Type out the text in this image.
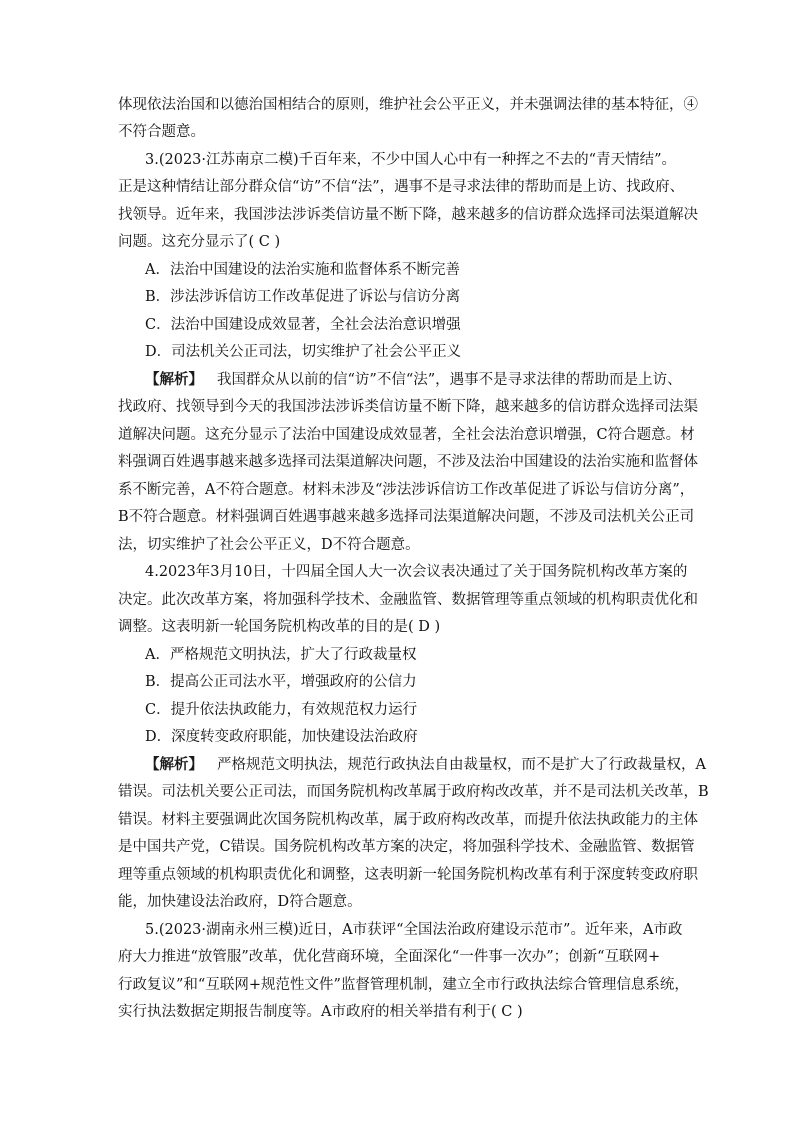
体现依法治国和以德治国相结合的原则，维护社会公平正义，并未强调法律的基本特征，④
不符合题意。
3.(2023·江苏南京二模)千百年来，不少中国人心中有一种挥之不去的“青天情结”。
正是这种情结让部分群众信“访”不信“法”，遇事不是寻求法律的帮助而是上访、找政府、
找领导。近年来，我国涉法涉诉类信访量不断下降，越来越多的信访群众选择司法渠道解决
问题。这充分显示了( C )
A．法治中国建设的法治实施和监督体系不断完善
B．涉法涉诉信访工作改革促进了诉讼与信访分离
C．法治中国建设成效显著，全社会法治意识增强
D．司法机关公正司法，切实维护了社会公平正义
【解析】 我国群众从以前的信“访”不信“法”，遇事不是寻求法律的帮助而是上访、
找政府、找领导到今天的我国涉法涉诉类信访量不断下降，越来越多的信访群众选择司法渠
道解决问题。这充分显示了法治中国建设成效显著，全社会法治意识增强，C符合题意。材
料强调百姓遇事越来越多选择司法渠道解决问题，不涉及法治中国建设的法治实施和监督体
系不断完善，A不符合题意。材料未涉及“涉法涉诉信访工作改革促进了诉讼与信访分离”，
B不符合题意。材料强调百姓遇事越来越多选择司法渠道解决问题，不涉及司法机关公正司
法，切实维护了社会公平正义，D不符合题意。
4.2023年3月10日，十四届全国人大一次会议表决通过了关于国务院机构改革方案的
决定。此次改革方案，将加强科学技术、金融监管、数据管理等重点领域的机构职责优化和
调整。这表明新一轮国务院机构改革的目的是( D )
A．严格规范文明执法，扩大了行政裁量权
B．提高公正司法水平，增强政府的公信力
C．提升依法执政能力，有效规范权力运行
D．深度转变政府职能，加快建设法治政府
【解析】 严格规范文明执法，规范行政执法自由裁量权，而不是扩大了行政裁量权，A
错误。司法机关要公正司法，而国务院机构改革属于政府构改改革，并不是司法机关改革，B
错误。材料主要强调此次国务院机构改革，属于政府构改改革，而提升依法执政能力的主体
是中国共产党，C错误。国务院机构改革方案的决定，将加强科学技术、金融监管、数据管
理等重点领域的机构职责优化和调整，这表明新一轮国务院机构改革有利于深度转变政府职
能，加快建设法治政府，D符合题意。
5.(2023·湖南永州三模)近日，A市获评“全国法治政府建设示范市”。近年来，A市政
府大力推进“放管服”改革，优化营商环境，全面深化“一件事一次办”；创新“互联网+
行政复议”和“互联网+规范性文件”监督管理机制，建立全市行政执法综合管理信息系统，
实行执法数据定期报告制度等。A市政府的相关举措有利于( C )
